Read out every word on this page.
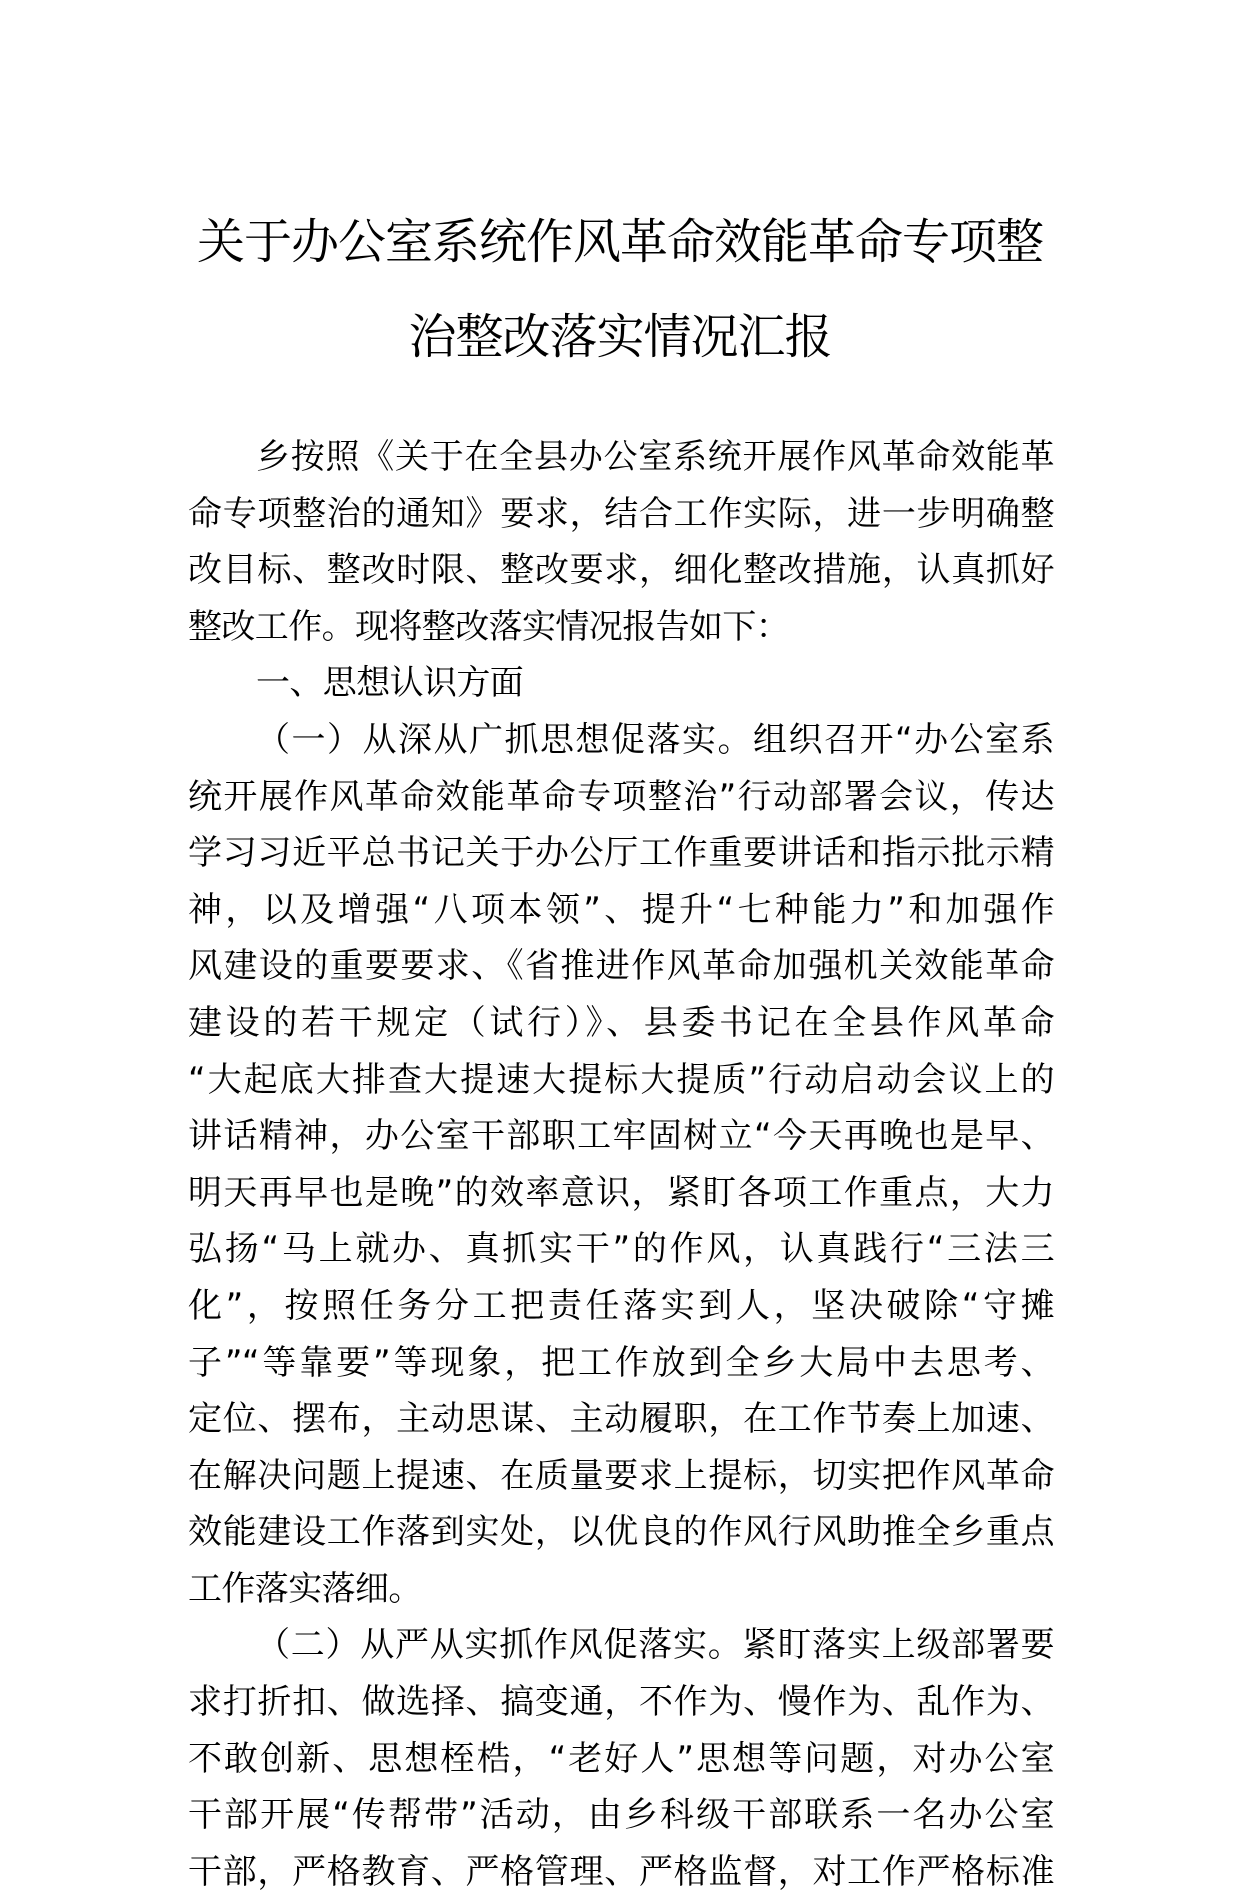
关于办公室系统作风革命效能革命专项整
治整改落实情况汇报
乡按照《关于在全县办公室系统开展作风革命效能革
命专项整治的通知》要求，结合工作实际，进一步明确整
改目标、整改时限、整改要求，细化整改措施，认真抓好
整改工作。现将整改落实情况报告如下：
一、思想认识方面
（一）从深从广抓思想促落实。组织召开“办公室系
统开展作风革命效能革命专项整治”行动部署会议，传达
学习习近平总书记关于办公厅工作重要讲话和指示批示精
神，以及增强“八项本领”、提升“七种能力”和加强作
风建设的重要要求、《省推进作风革命加强机关效能革命
建设的若干规定（试行）》、县委书记在全县作风革命
“大起底大排查大提速大提标大提质”行动启动会议上的
讲话精神，办公室干部职工牢固树立“今天再晚也是早、
明天再早也是晚”的效率意识，紧盯各项工作重点，大力
弘扬“马上就办、真抓实干”的作风，认真践行“三法三
化”，按照任务分工把责任落实到人，坚决破除“守摊
子”“等靠要”等现象，把工作放到全乡大局中去思考、
定位、摆布，主动思谋、主动履职，在工作节奏上加速、
在解决问题上提速、在质量要求上提标，切实把作风革命
效能建设工作落到实处，以优良的作风行风助推全乡重点
工作落实落细。
（二）从严从实抓作风促落实。紧盯落实上级部署要
求打折扣、做选择、搞变通，不作为、慢作为、乱作为、
不敢创新、思想桎梏，“老好人”思想等问题，对办公室
干部开展“传帮带”活动，由乡科级干部联系一名办公室
干部，严格教育、严格管理、严格监督，对工作严格标准
